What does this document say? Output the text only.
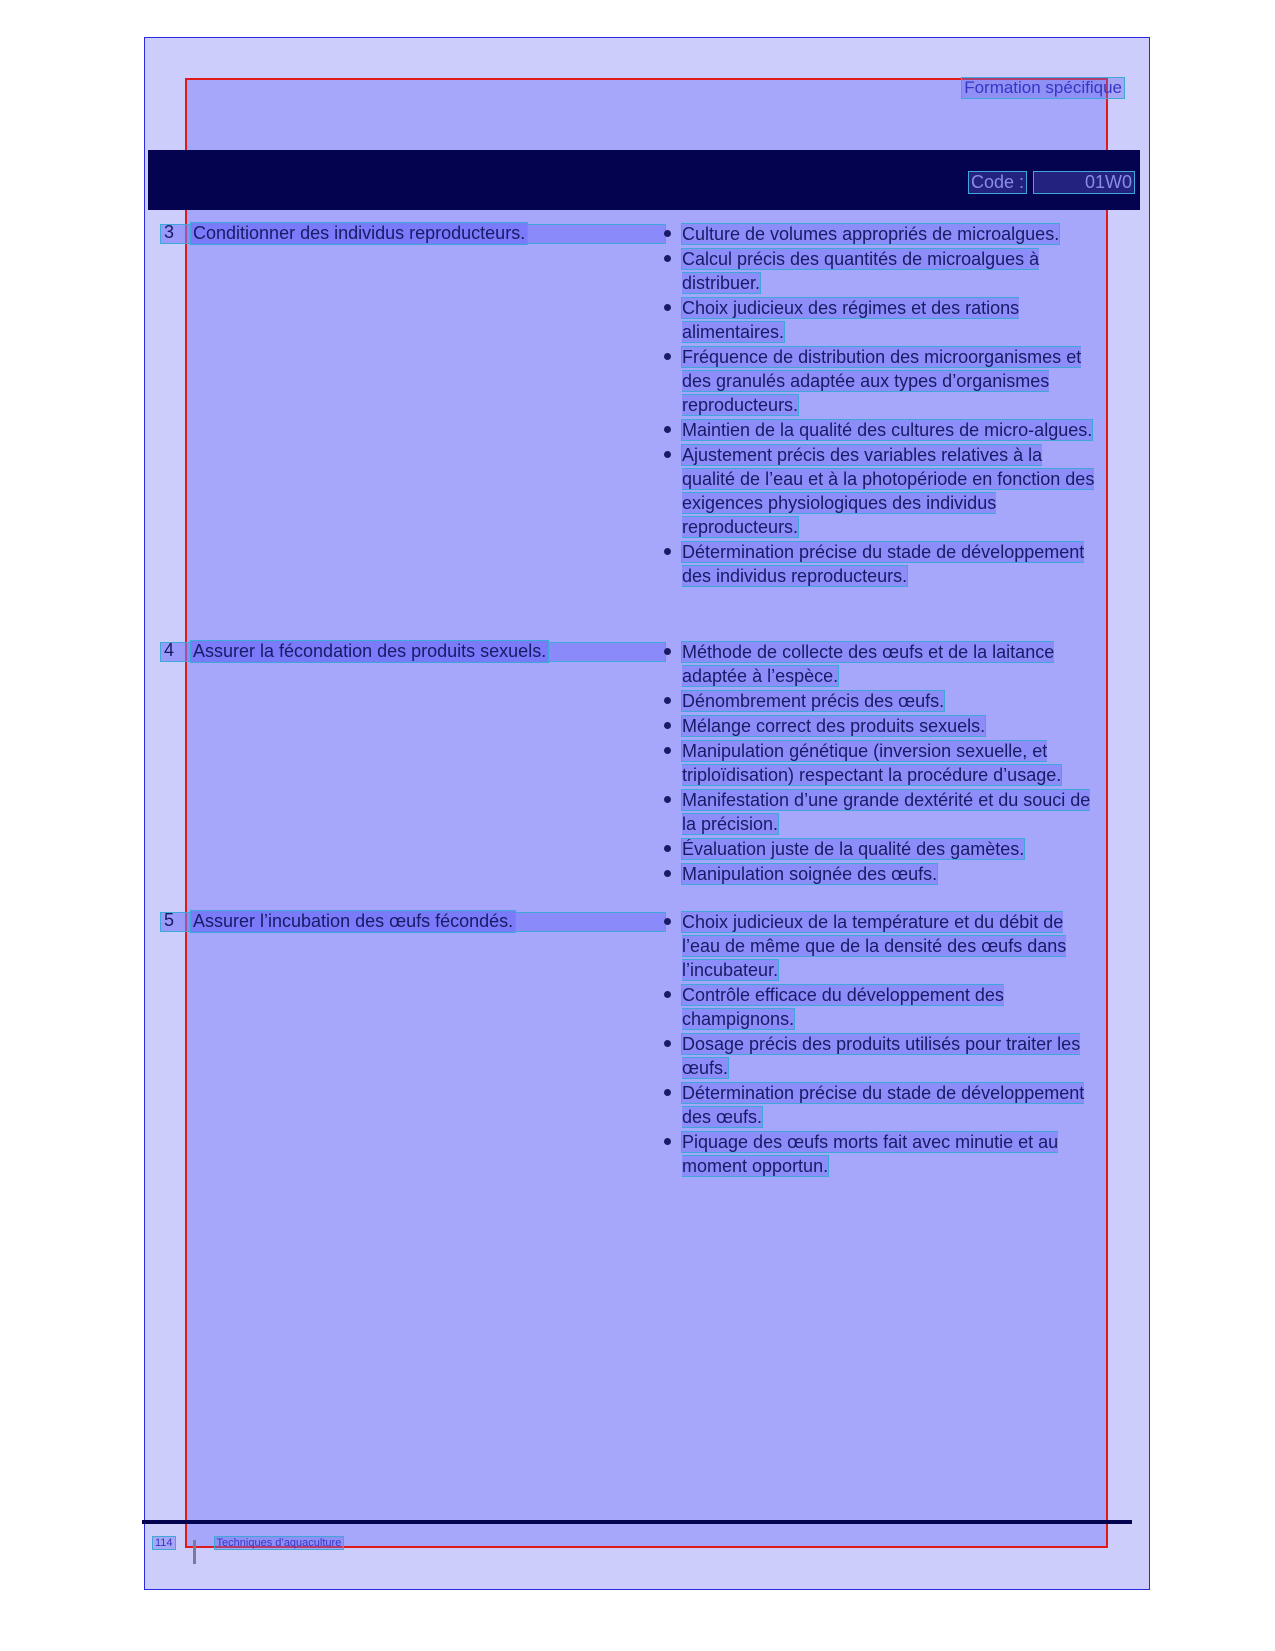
Formation spécifique
Code :	01W0
3 Conditionner des individus reproducteurs.	Culture de volumes appropriés de microalgues.
Calcul précis des quantités de microalgues à distribuer.
Choix judicieux des régimes et des rations alimentaires.
Fréquence de distribution des microorganismes et des granulés adaptée aux types d’organismes reproducteurs.
Maintien de la qualité des cultures de micro-algues.
Ajustement précis des variables relatives à la qualité de l’eau et à la photopériode en fonction des exigences physiologiques des individus reproducteurs.
Détermination précise du stade de développement des individus reproducteurs.
4 Assurer la fécondation des produits sexuels.	Méthode de collecte des œufs et de la laitance adaptée à l’espèce.
Dénombrement précis des œufs.
Mélange correct des produits sexuels.
Manipulation génétique (inversion sexuelle, et triploïdisation) respectant la procédure d’usage.
Manifestation d’une grande dextérité et du souci de la précision.
Évaluation juste de la qualité des gamètes.
Manipulation soignée des œufs.
5 Assurer l’incubation des œufs fécondés.	Choix judicieux de la température et du débit de l’eau de même que de la densité des œufs dans l’incubateur.
Contrôle efficace du développement des champignons.
Dosage précis des produits utilisés pour traiter les œufs.
Détermination précise du stade de développement des œufs.
Piquage des œufs morts fait avec minutie et au moment opportun.
114	Techniques d’aquaculture
